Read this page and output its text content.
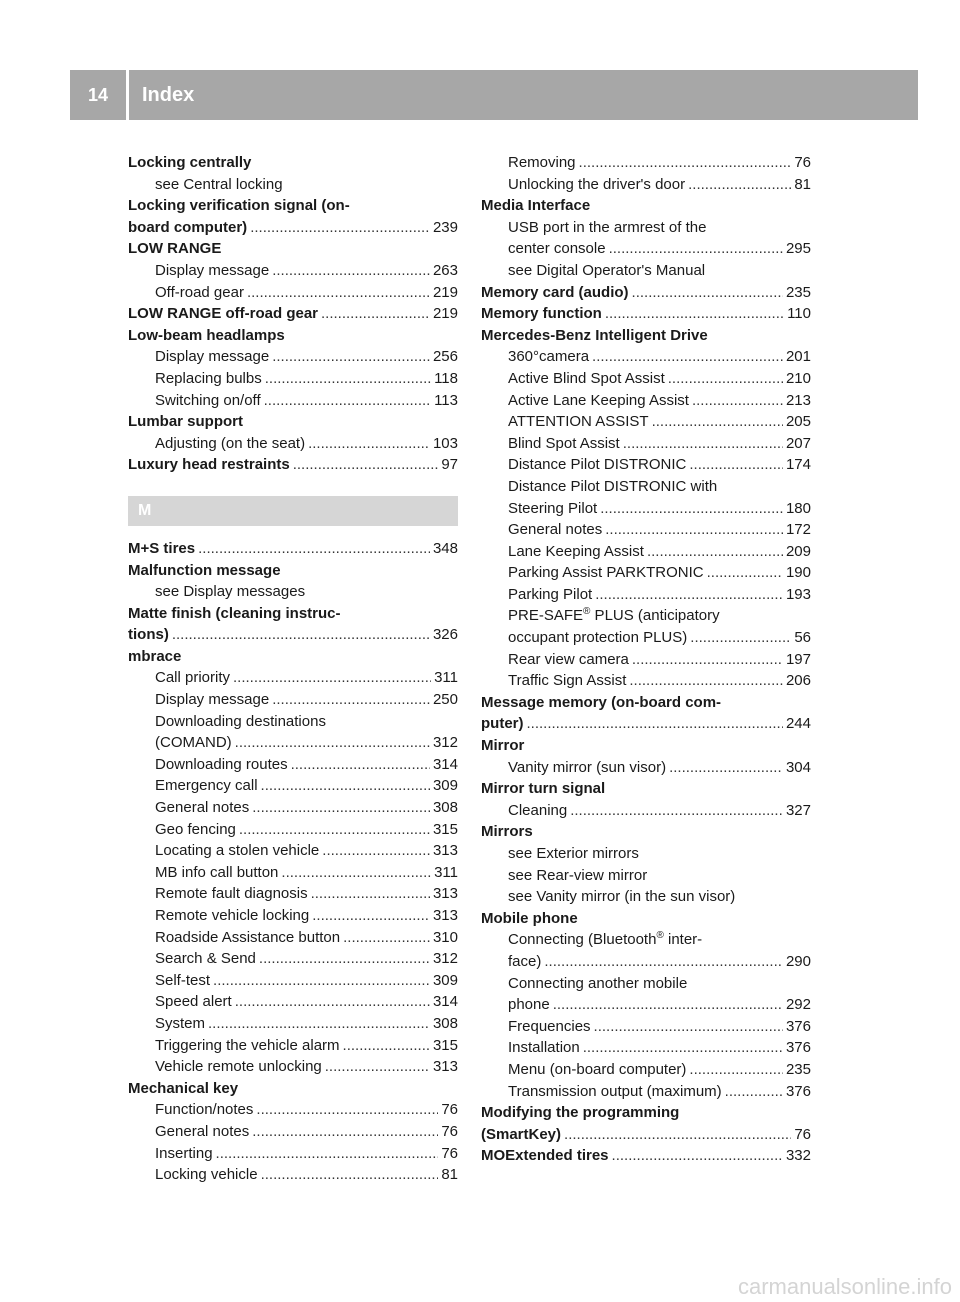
14	Index
Locking centrally
see Central locking
Locking verification signal (on-
board computer) .....	239
LOW RANGE
Display message .....	263
Off-road gear .....	219
LOW RANGE off-road gear .....	219
Low-beam headlamps
Display message .....	256
Replacing bulbs .....	118
Switching on/off .....	113
Lumbar support
Adjusting (on the seat) .....	103
Luxury head restraints .....	97
M
M+S tires .....	348
Malfunction message
see Display messages
Matte finish (cleaning instruc-
tions) .....	326
mbrace
Call priority .....	311
Display message .....	250
Downloading destinations
(COMAND) .....	312
Downloading routes .....	314
Emergency call .....	309
General notes .....	308
Geo fencing .....	315
Locating a stolen vehicle .....	313
MB info call button .....	311
Remote fault diagnosis .....	313
Remote vehicle locking .....	313
Roadside Assistance button .....	310
Search & Send .....	312
Self-test .....	309
Speed alert .....	314
System .....	308
Triggering the vehicle alarm .....	315
Vehicle remote unlocking .....	313
Mechanical key
Function/notes .....	76
General notes .....	76
Inserting .....	76
Locking vehicle .....	81
Removing .....	76
Unlocking the driver's door .....	81
Media Interface
USB port in the armrest of the
center console .....	295
see Digital Operator's Manual
Memory card (audio) .....	235
Memory function .....	110
Mercedes-Benz Intelligent Drive
360°camera .....	201
Active Blind Spot Assist .....	210
Active Lane Keeping Assist .....	213
ATTENTION ASSIST .....	205
Blind Spot Assist .....	207
Distance Pilot DISTRONIC .....	174
Distance Pilot DISTRONIC with
Steering Pilot .....	180
General notes .....	172
Lane Keeping Assist .....	209
Parking Assist PARKTRONIC .....	190
Parking Pilot .....	193
PRE-SAFE® PLUS (anticipatory
occupant protection PLUS) .....	56
Rear view camera .....	197
Traffic Sign Assist .....	206
Message memory (on-board com-
puter) .....	244
Mirror
Vanity mirror (sun visor) .....	304
Mirror turn signal
Cleaning .....	327
Mirrors
see Exterior mirrors
see Rear-view mirror
see Vanity mirror (in the sun visor)
Mobile phone
Connecting (Bluetooth® inter-
face) .....	290
Connecting another mobile
phone .....	292
Frequencies .....	376
Installation .....	376
Menu (on-board computer) .....	235
Transmission output (maximum) .....	376
Modifying the programming
(SmartKey) .....	76
MOExtended tires .....	332
carmanualsonline.info
